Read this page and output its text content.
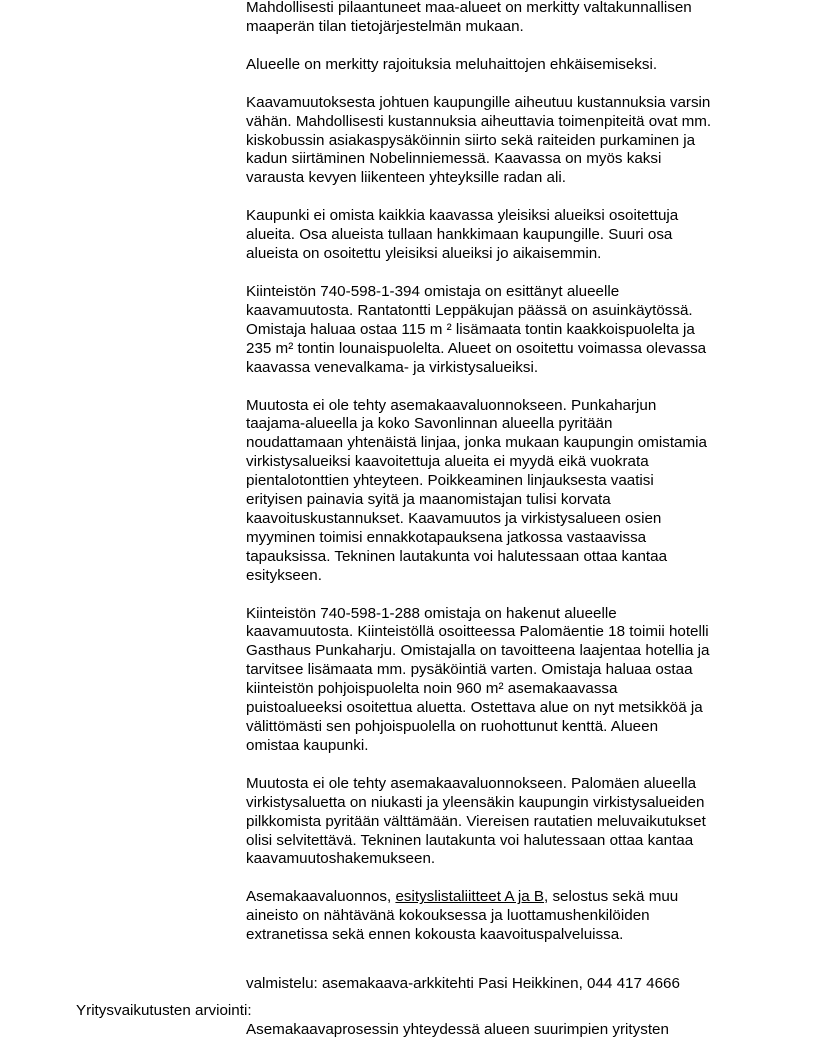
Mahdollisesti pilaantuneet maa-alueet on merkitty valtakunnallisen
maaperän tilan tietojärjestelmän mukaan.

Alueelle on merkitty rajoituksia meluhaittojen ehkäisemiseksi.

Kaavamuutoksesta johtuen kaupungille aiheutuu kustannuksia varsin
vähän. Mahdollisesti kustannuksia aiheuttavia toimenpiteitä ovat mm.
kiskobussin asiakaspysäköinnin siirto sekä raiteiden purkaminen ja
kadun siirtäminen Nobelinniemessä. Kaavassa on myös kaksi
varausta kevyen liikenteen yhteyksille radan ali.

Kaupunki ei omista kaikkia kaavassa yleisiksi alueiksi osoitettuja
alueita. Osa alueista tullaan hankkimaan kaupungille. Suuri osa
alueista on osoitettu yleisiksi alueiksi jo aikaisemmin.

Kiinteistön 740-598-1-394 omistaja on esittänyt alueelle
kaavamuutosta. Rantatontti Leppäkujan päässä on asuinkäytössä.
Omistaja haluaa ostaa 115 m ² lisämaata tontin kaakkoispuolelta ja
235 m² tontin lounaispuolelta. Alueet on osoitettu voimassa olevassa
kaavassa venevalkama- ja virkistysalueiksi.

Muutosta ei ole tehty asemakaavaluonnokseen. Punkaharjun
taajama-alueella ja koko Savonlinnan alueella pyritään
noudattamaan yhtenäistä linjaa, jonka mukaan kaupungin omistamia
virkistysalueiksi kaavoitettuja alueita ei myydä eikä vuokrata
pientalotonttien yhteyteen. Poikkeaminen linjauksesta vaatisi
erityisen painavia syitä ja maanomistajan tulisi korvata
kaavoituskustannukset. Kaavamuutos ja virkistysalueen osien
myyminen toimisi ennakkotapauksena jatkossa vastaavissa
tapauksissa. Tekninen lautakunta voi halutessaan ottaa kantaa
esitykseen.

Kiinteistön 740-598-1-288 omistaja on hakenut alueelle
kaavamuutosta. Kiinteistöllä osoitteessa Palomäentie 18 toimii hotelli
Gasthaus Punkaharju. Omistajalla on tavoitteena laajentaa hotellia ja
tarvitsee lisämaata mm. pysäköintiä varten. Omistaja haluaa ostaa
kiinteistön pohjoispuolelta noin 960 m² asemakaavassa
puistoalueeksi osoitettua aluetta. Ostettava alue on nyt metsikköä ja
välittömästi sen pohjoispuolella on ruohottunut kenttä. Alueen
omistaa kaupunki.

Muutosta ei ole tehty asemakaavaluonnokseen. Palomäen alueella
virkistysaluetta on niukasti ja yleensäkin kaupungin virkistysalueiden
pilkkomista pyritään välttämään. Viereisen rautatien meluvaikutukset
olisi selvitettävä. Tekninen lautakunta voi halutessaan ottaa kantaa
kaavamuutoshakemukseen.

Asemakaavaluonnos, esityslistaliitteet A ja B, selostus sekä muu
aineisto on nähtävänä kokouksessa ja luottamushenkilöiden
extranetissa sekä ennen kokousta kaavoituspalveluissa.

valmistelu: asemakaava-arkkitehti Pasi Heikkinen, 044 417 4666
Yritysvaikutusten arviointi:
Asemakaavaprosessin yhteydessä alueen suurimpien yritysten
